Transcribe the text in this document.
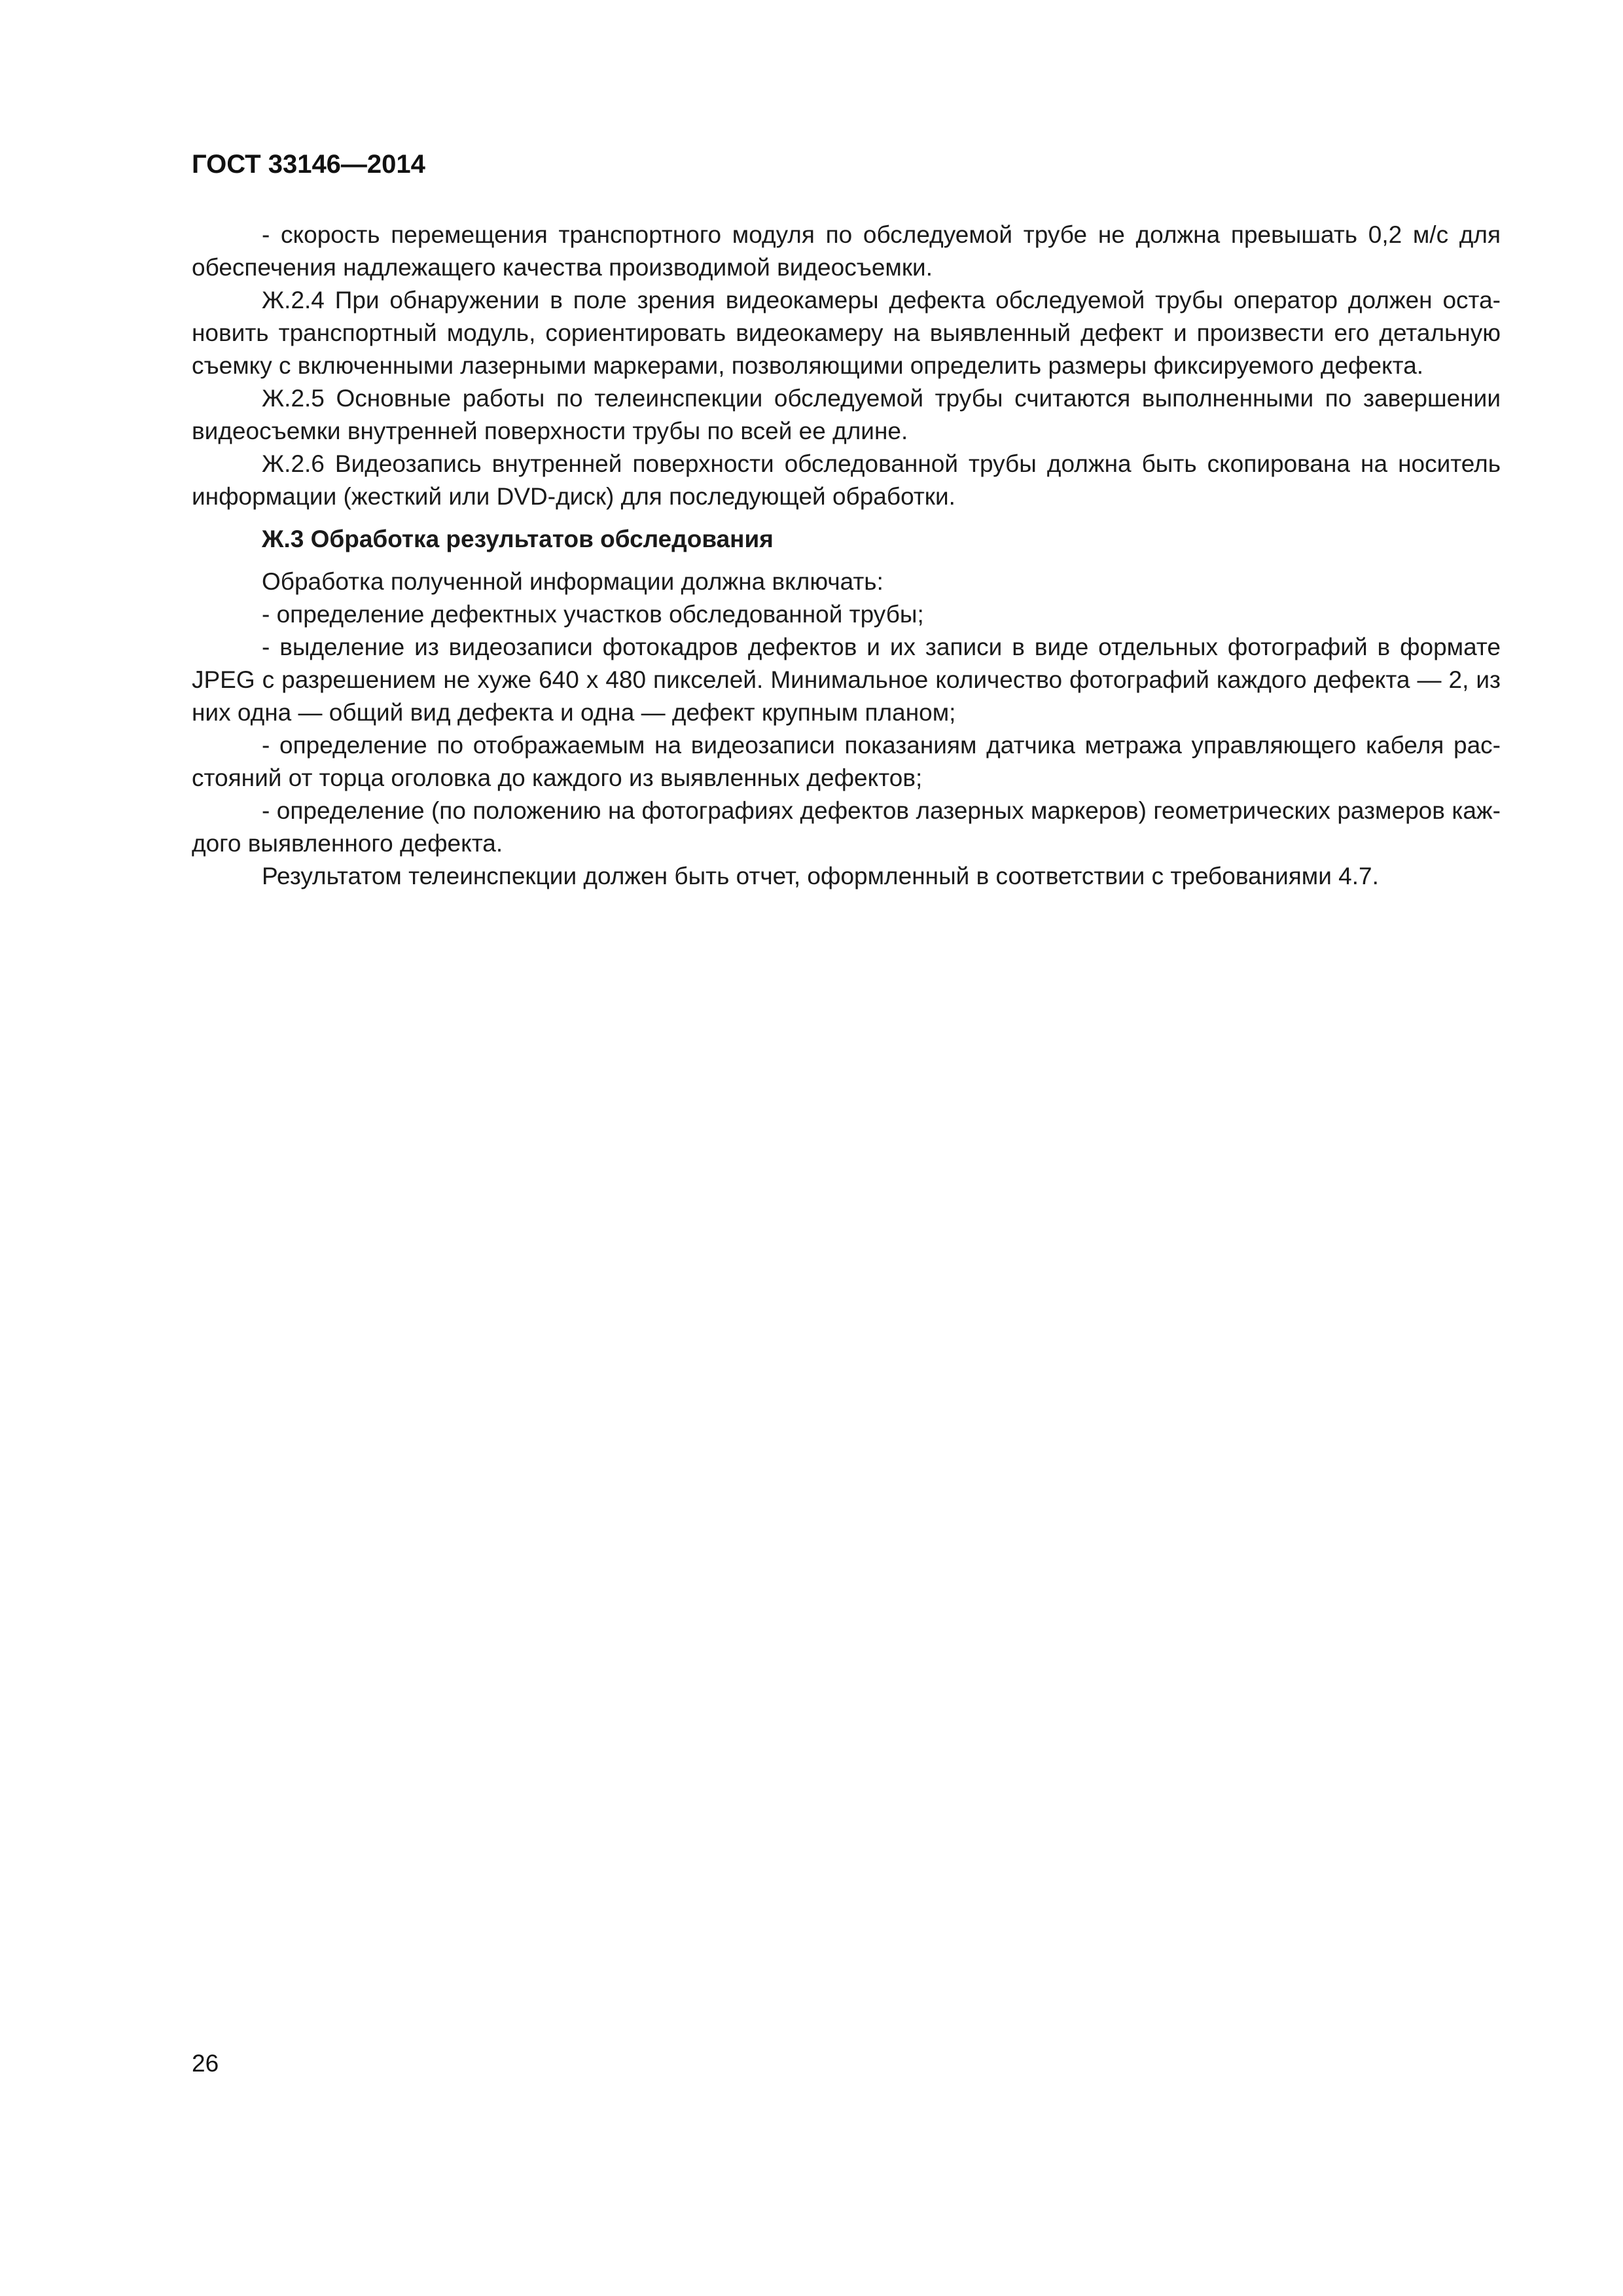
ГОСТ 33146—2014

- скорость перемещения транспортного модуля по обследуемой трубе не должна превышать 0,2 м/с для обеспечения надлежащего качества производимой видеосъемки.

Ж.2.4 При обнаружении в поле зрения видеокамеры дефекта обследуемой трубы оператор должен остановить транспортный модуль, сориентировать видеокамеру на выявленный дефект и произвести его детальную съемку с включенными лазерными маркерами, позволяющими определить размеры фиксируемого дефекта.

Ж.2.5 Основные работы по телеинспекции обследуемой трубы считаются выполненными по завершении видеосъемки внутренней поверхности трубы по всей ее длине.

Ж.2.6 Видеозапись внутренней поверхности обследованной трубы должна быть скопирована на носитель информации (жесткий или DVD-диск) для последующей обработки.

Ж.3 Обработка результатов обследования

Обработка полученной информации должна включать:

- определение дефектных участков обследованной трубы;

- выделение из видеозаписи фотокадров дефектов и их записи в виде отдельных фотографий в формате JPEG с разрешением не хуже 640 x 480 пикселей. Минимальное количество фотографий каждого дефекта — 2, из них одна — общий вид дефекта и одна — дефект крупным планом;

- определение по отображаемым на видеозаписи показаниям датчика метража управляющего кабеля расстояний от торца оголовка до каждого из выявленных дефектов;

- определение (по положению на фотографиях дефектов лазерных маркеров) геометрических размеров каждого выявленного дефекта.

Результатом телеинспекции должен быть отчет, оформленный в соответствии с требованиями 4.7.

26
